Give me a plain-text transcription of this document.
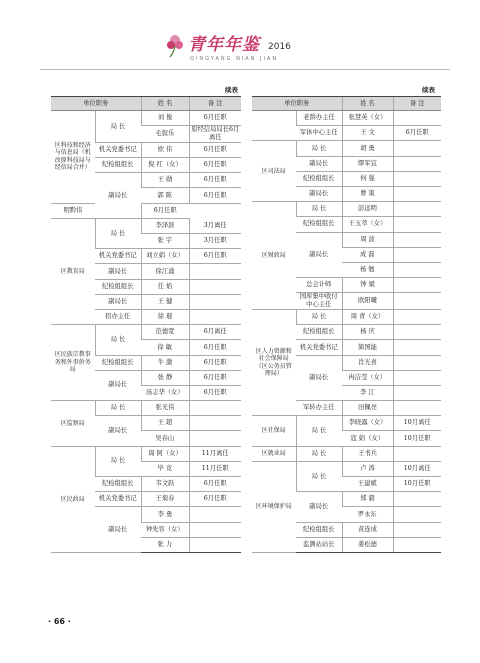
青年年鉴 2016
QINGYANG NIAN JIAN
续表	续表
单位职务		姓 名	备 注
区科技和经济与信息局（机改原科技局与经信局合并）	局 长	刘 俊	6月任职
		毛叙乐	原经信局局长6月离任
	机关党委书记	欧 伟	6月任职
	纪检组组长	倪 红（女）	6月任职
	副局长	王 勋	6月任职
		郭 陈	6月任职
明黔伟		6月任职	
区教育局	局 长	李泽滨	3月离任
		张 宇	3月任职
	机关党委书记	刘立娟（女）	6月任职
	副局长	徐江涌	
	纪检组组长	任 焰	
	副局长	王 健	
	招办主任	徐 琨	
区民族宗教事务和外事侨务局	局 长	范德宽	6月离任
		徐 敏	6月任职
	纪检组组长	牛 激	6月任职
	副局长	张 静	6月任职
		汤志华（女）	6月任职
区监察局	局 长	张光伟	
	副局长	王 超	
		吴春山	
区民政局	局 长	周 阿（女）	11月离任
		毕 竞	11月任职
	纪检组组长	韦文跃	6月任职
	机关党委书记	王菊春	6月任职
	副局长	李 勇	
		钟先容（女）	
		张 力	
单位职务		姓 名	备 注
	老龄办主任	张慧英（女）	
	军休中心主任	王 文	6月任职
区司法局	局 长	胡 勇	
	副局长	缪军宜	
	纪检组组长	何 强	
	副局长	曹 策	
区财政局	局 长	彭远明	
	纪检组组长	王玉萃（女）	
	副局长	周 波	
		成 磊	
		杨 勉	
	总会计师	钟 斌	
	国库集中收付中心主任	欧阳曦	
区人力资源和社会保障局（区公务员管理局）	局 长	周 青（女）	
	纪检组组长	杨 庆	
	机关党委书记	简国能	
	副局长	肖光喜	
		冉洁莹（女）	
		李 江	
	军转办主任	田佩亮	
区社保局	局 长	李晓露（女）	10月离任
		寇 娟（女）	10月任职
区就业局	局 长	王书兵	
区环境保护局	局 长	卢 涛	10月离任
		王建斌	10月任职
	副局长	郑 毅	
		罗永东	
	纪检组组长	黄连成	
	监测站站长	姜松德	
· 66 ·
